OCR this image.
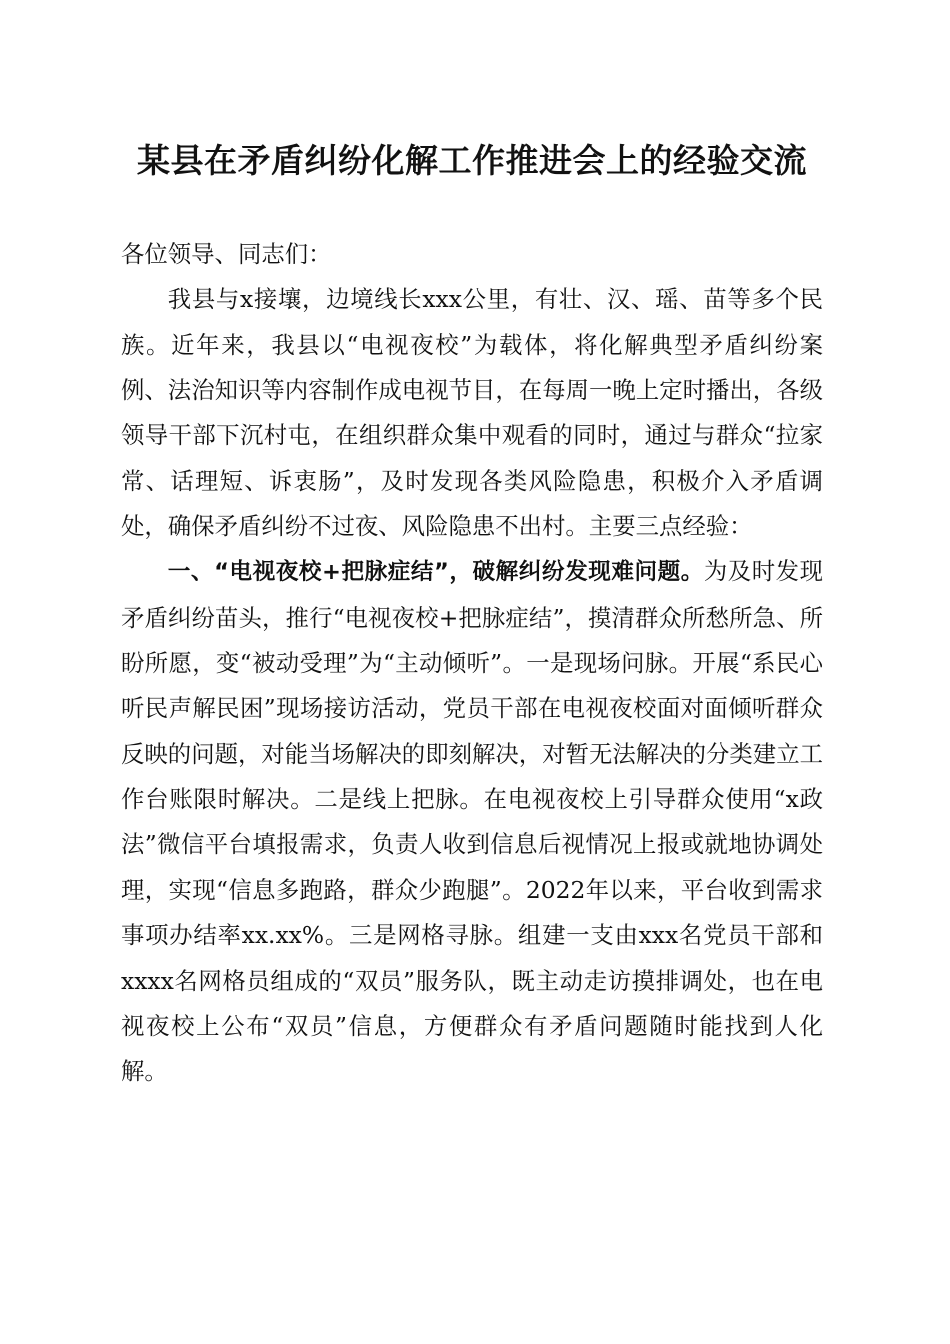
某县在矛盾纠纷化解工作推进会上的经验交流

各位领导、同志们：

我县与x接壤，边境线长xxx公里，有壮、汉、瑶、苗等多个民族。近年来，我县以“电视夜校”为载体，将化解典型矛盾纠纷案例、法治知识等内容制作成电视节目，在每周一晚上定时播出，各级领导干部下沉村屯，在组织群众集中观看的同时，通过与群众“拉家常、话理短、诉衷肠”，及时发现各类风险隐患，积极介入矛盾调处，确保矛盾纠纷不过夜、风险隐患不出村。主要三点经验：

一、“电视夜校+把脉症结”，破解纠纷发现难问题。为及时发现矛盾纠纷苗头，推行“电视夜校+把脉症结”，摸清群众所愁所急、所盼所愿，变“被动受理”为“主动倾听”。一是现场问脉。开展“系民心听民声解民困”现场接访活动，党员干部在电视夜校面对面倾听群众反映的问题，对能当场解决的即刻解决，对暂无法解决的分类建立工作台账限时解决。二是线上把脉。在电视夜校上引导群众使用“x政法”微信平台填报需求，负责人收到信息后视情况上报或就地协调处理，实现“信息多跑路，群众少跑腿”。2022年以来，平台收到需求事项办结率xx.xx%。三是网格寻脉。组建一支由xxx名党员干部和xxxx名网格员组成的“双员”服务队，既主动走访摸排调处，也在电视夜校上公布“双员”信息，方便群众有矛盾问题随时能找到人化解。
